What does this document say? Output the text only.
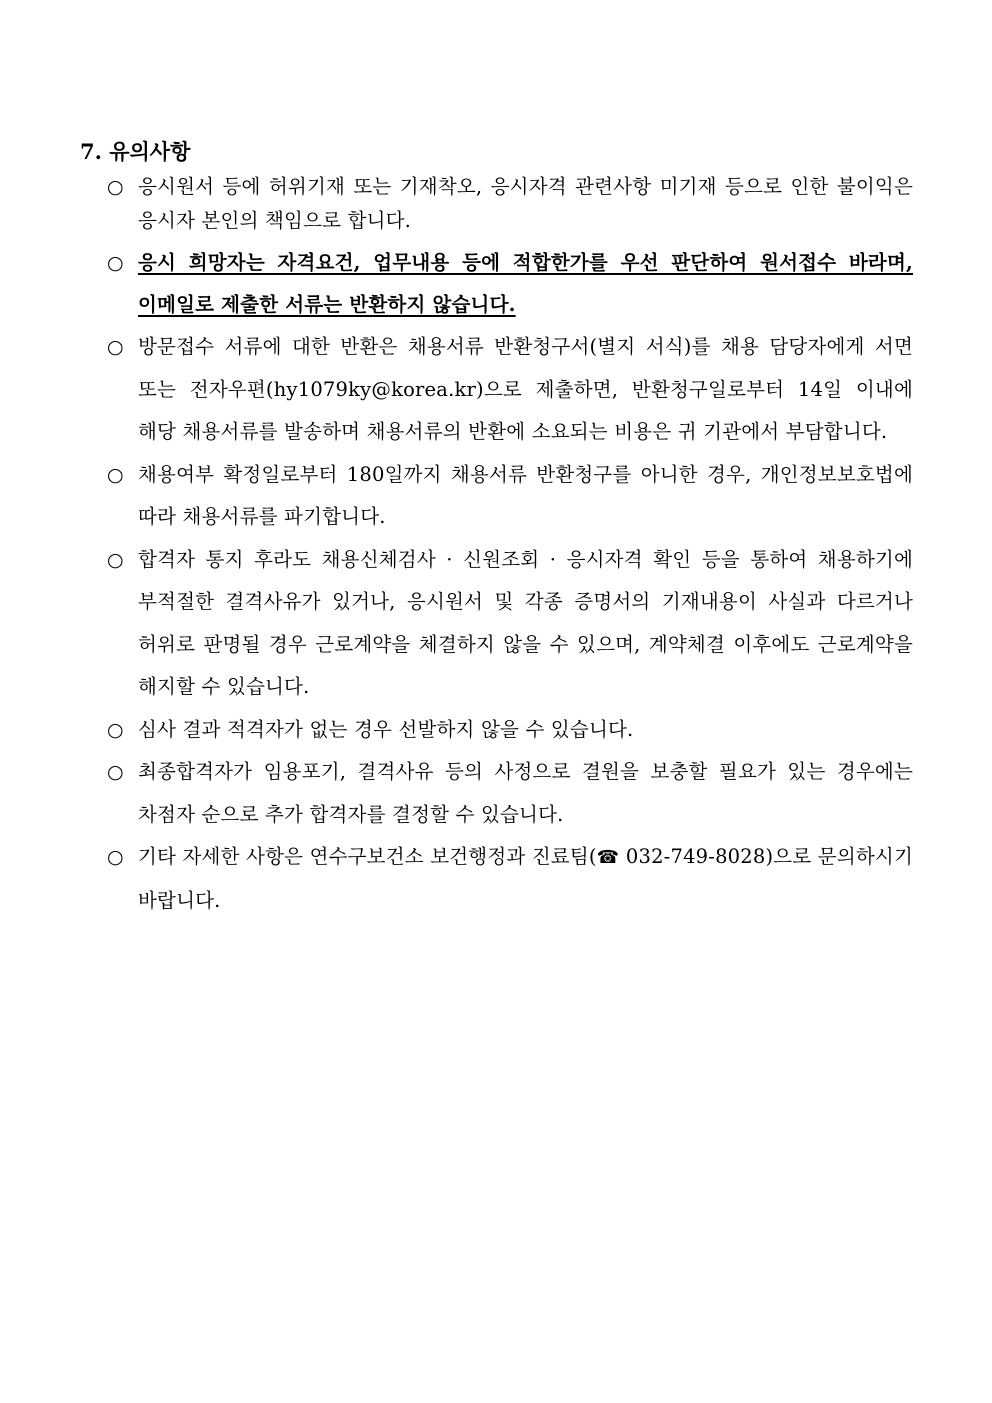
7. 유의사항
○ 응시원서 등에 허위기재 또는 기재착오, 응시자격 관련사항 미기재 등으로 인한 불이익은 응시자 본인의 책임으로 합니다.
○ 응시 희망자는 자격요건, 업무내용 등에 적합한가를 우선 판단하여 원서접수 바라며, 이메일로 제출한 서류는 반환하지 않습니다.
○ 방문접수 서류에 대한 반환은 채용서류 반환청구서(별지 서식)를 채용 담당자에게 서면 또는 전자우편(hy1079ky@korea.kr)으로 제출하면, 반환청구일로부터 14일 이내에 해당 채용서류를 발송하며 채용서류의 반환에 소요되는 비용은 귀 기관에서 부담합니다.
○ 채용여부 확정일로부터 180일까지 채용서류 반환청구를 아니한 경우, 개인정보보호법에 따라 채용서류를 파기합니다.
○ 합격자 통지 후라도 채용신체검사 · 신원조회 · 응시자격 확인 등을 통하여 채용하기에 부적절한 결격사유가 있거나, 응시원서 및 각종 증명서의 기재내용이 사실과 다르거나 허위로 판명될 경우 근로계약을 체결하지 않을 수 있으며, 계약체결 이후에도 근로계약을 해지할 수 있습니다.
○ 심사 결과 적격자가 없는 경우 선발하지 않을 수 있습니다.
○ 최종합격자가 임용포기, 결격사유 등의 사정으로 결원을 보충할 필요가 있는 경우에는 차점자 순으로 추가 합격자를 결정할 수 있습니다.
○ 기타 자세한 사항은 연수구보건소 보건행정과 진료팀(☎ 032-749-8028)으로 문의하시기 바랍니다.
